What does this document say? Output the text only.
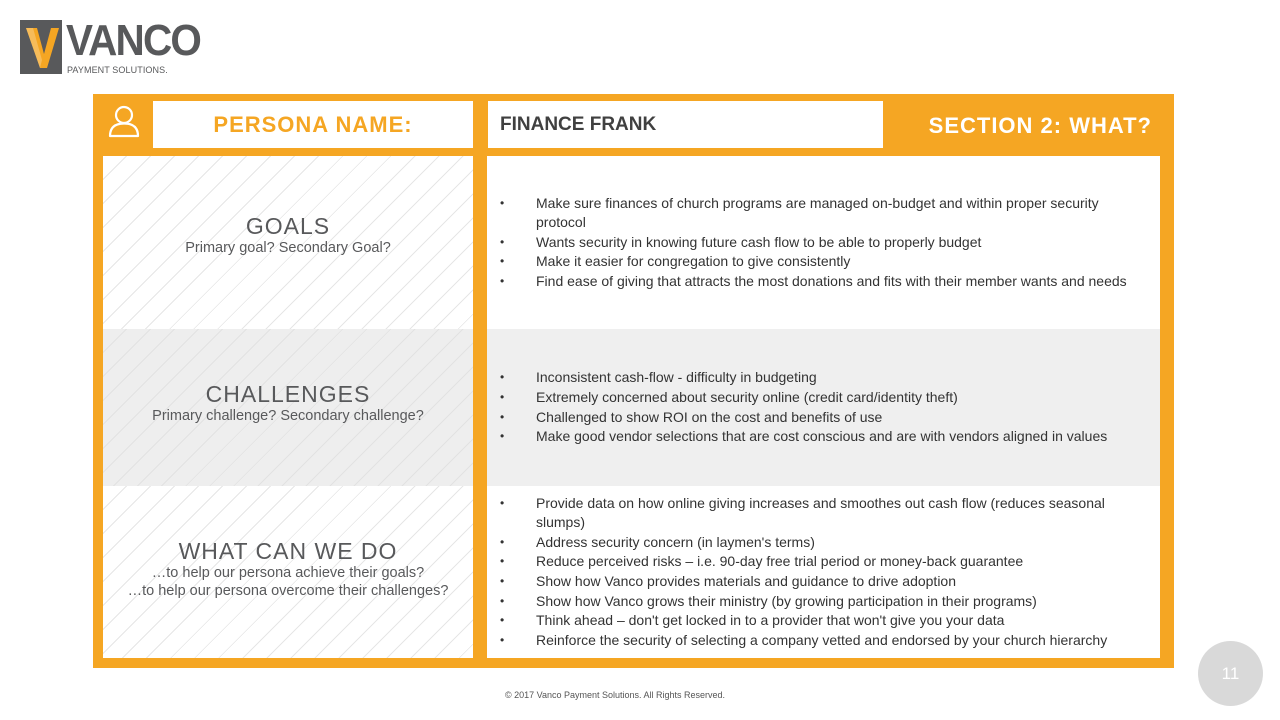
VANCO
PAYMENT SOLUTIONS.
PERSONA NAME:	FINANCE FRANK	SECTION 2: WHAT?
GOALS
Primary goal? Secondary Goal?
CHALLENGES
Primary challenge? Secondary challenge?
WHAT CAN WE DO
…to help our persona achieve their goals?
…to help our persona overcome their challenges?
• Make sure finances of church programs are managed on-budget and within proper security protocol
• Wants security in knowing future cash flow to be able to properly budget
• Make it easier for congregation to give consistently
• Find ease of giving that attracts the most donations and fits with their member wants and needs
• Inconsistent cash-flow - difficulty in budgeting
• Extremely concerned about security online (credit card/identity theft)
• Challenged to show ROI on the cost and benefits of use
• Make good vendor selections that are cost conscious and are with vendors aligned in values
• Provide data on how online giving increases and smoothes out cash flow (reduces seasonal slumps)
• Address security concern (in laymen's terms)
• Reduce perceived risks – i.e. 90-day free trial period or money-back guarantee
• Show how Vanco provides materials and guidance to drive adoption
• Show how Vanco grows their ministry (by growing participation in their programs)
• Think ahead – don't get locked in to a provider that won't give you your data
• Reinforce the security of selecting a company vetted and endorsed by your church hierarchy
© 2017 Vanco Payment Solutions. All Rights Reserved.
11
